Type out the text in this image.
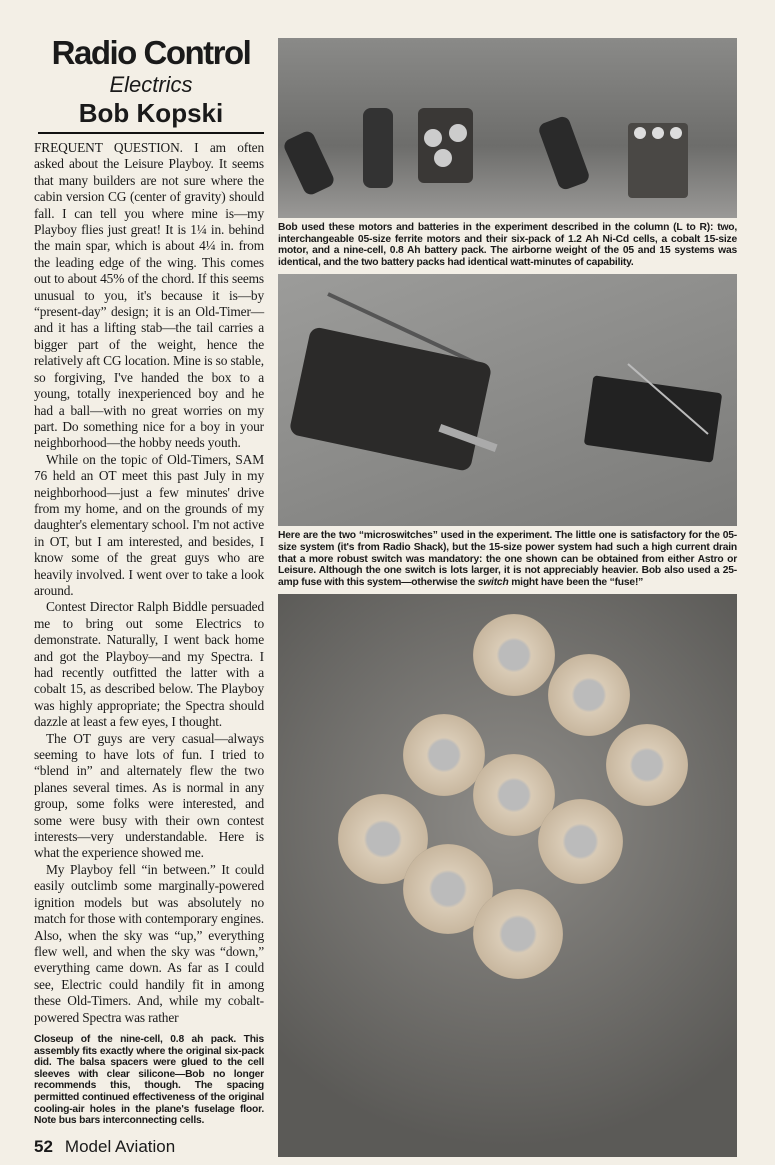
Radio Control
Electrics
Bob Kopski

FREQUENT QUESTION. I am often asked about the Leisure Playboy. It seems that many builders are not sure where the cabin version CG (center of gravity) should fall. I can tell you where mine is—my Playboy flies just great! It is 1¼ in. behind the main spar, which is about 4¼ in. from the leading edge of the wing. This comes out to about 45% of the chord. If this seems unusual to you, it's because it is—by “present-day” design; it is an Old-Timer—and it has a lifting stab—the tail carries a bigger part of the weight, hence the relatively aft CG location. Mine is so stable, so forgiving, I've handed the box to a young, totally inexperienced boy and he had a ball—with no great worries on my part. Do something nice for a boy in your neighborhood—the hobby needs youth.

While on the topic of Old-Timers, SAM 76 held an OT meet this past July in my neighborhood—just a few minutes' drive from my home, and on the grounds of my daughter's elementary school. I'm not active in OT, but I am interested, and besides, I know some of the great guys who are heavily involved. I went over to take a look around.

Contest Director Ralph Biddle persuaded me to bring out some Electrics to demonstrate. Naturally, I went back home and got the Playboy—and my Spectra. I had recently outfitted the latter with a cobalt 15, as described below. The Playboy was highly appropriate; the Spectra should dazzle at least a few eyes, I thought.

The OT guys are very casual—always seeming to have lots of fun. I tried to “blend in” and alternately flew the two planes several times. As is normal in any group, some folks were interested, and some were busy with their own contest interests—very understandable. Here is what the experience showed me.

My Playboy fell “in between.” It could easily outclimb some marginally-powered ignition models but was absolutely no match for those with contemporary engines. Also, when the sky was “up,” everything flew well, and when the sky was “down,” everything came down. As far as I could see, Electric could handily fit in among these Old-Timers. And, while my cobalt-powered Spectra was rather

Closeup of the nine-cell, 0.8 ah pack. This assembly fits exactly where the original six-pack did. The balsa spacers were glued to the cell sleeves with clear silicone—Bob no longer recommends this, though. The spacing permitted continued effectiveness of the original cooling-air holes in the plane's fuselage floor. Note bus bars interconnecting cells.
52 Model Aviation
Bob used these motors and batteries in the experiment described in the column (L to R): two, interchangeable 05-size ferrite motors and their six-pack of 1.2 Ah Ni-Cd cells, a cobalt 15-size motor, and a nine-cell, 0.8 Ah battery pack. The airborne weight of the 05 and 15 systems was identical, and the two battery packs had identical watt-minutes of capability.
Here are the two “microswitches” used in the experiment. The little one is satisfactory for the 05-size system (it's from Radio Shack), but the 15-size power system had such a high current drain that a more robust switch was mandatory: the one shown can be obtained from either Astro or Leisure. Although the one switch is lots larger, it is not appreciably heavier. Bob also used a 25-amp fuse with this system—otherwise the switch might have been the “fuse!”
